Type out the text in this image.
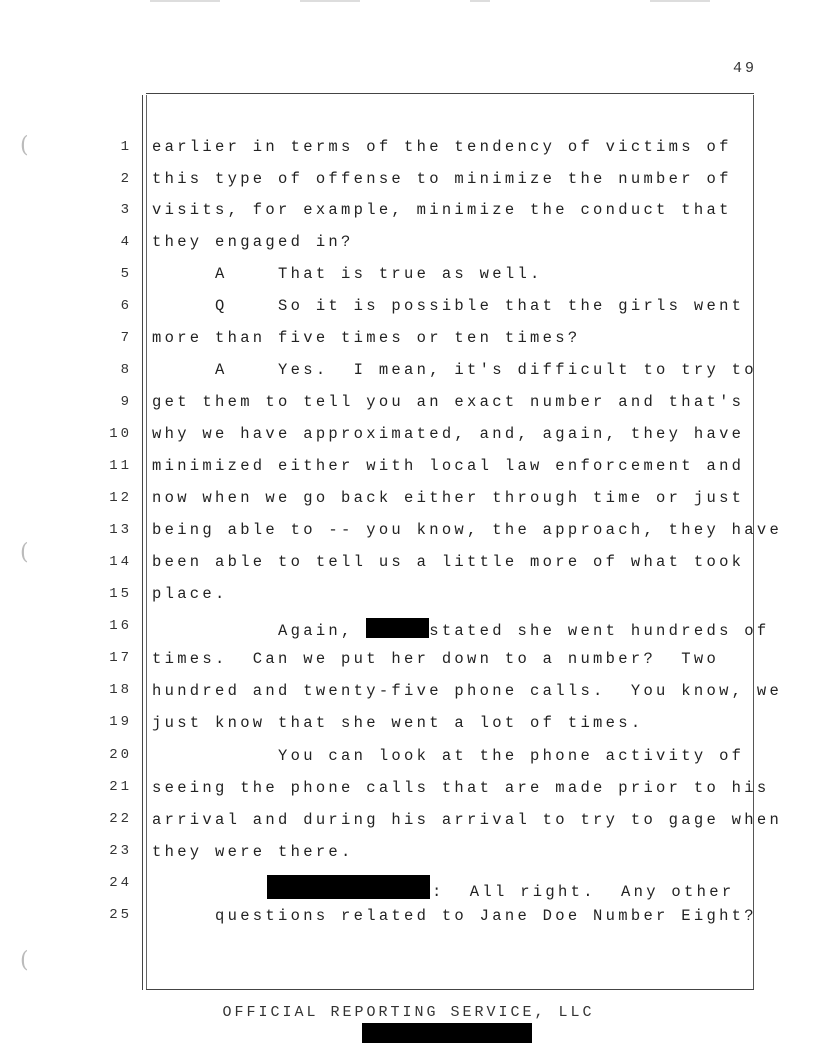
49
(
(
(
1 earlier in terms of the tendency of victims of
2 this type of offense to minimize the number of
3 visits, for example, minimize the conduct that
4 they engaged in?
5 A    That is true as well.
6 Q    So it is possible that the girls went
7 more than five times or ten times?
8 A    Yes.  I mean, it's difficult to try to
9 get them to tell you an exact number and that's
10 why we have approximated, and, again, they have
11 minimized either with local law enforcement and
12 now when we go back either through time or just
13 being able to -- you know, the approach, they have
14 been able to tell us a little more of what took
15 place.
16 Again,	stated she went hundreds of
17 times.  Can we put her down to a number?  Two
18 hundred and twenty-five phone calls.  You know, we
19 just know that she went a lot of times.
20 You can look at the phone activity of
21 seeing the phone calls that are made prior to his
22 arrival and during his arrival to try to gage when
23 they were there.
24	:  All right.  Any other
25 questions related to Jane Doe Number Eight?
OFFICIAL REPORTING SERVICE, LLC
